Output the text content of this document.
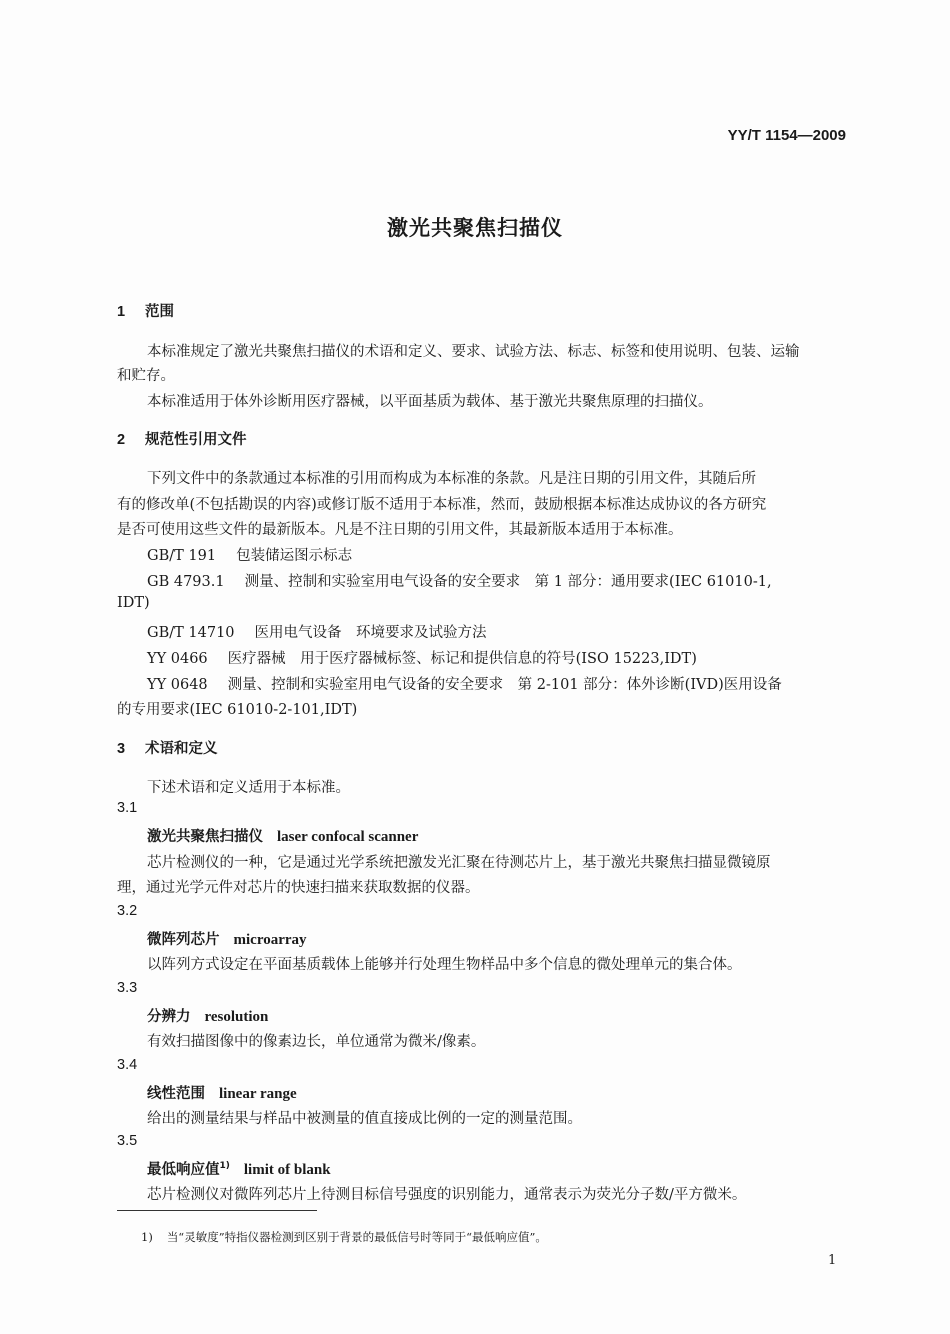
YY/T 1154—2009
激光共聚焦扫描仪
1 范围
本标准规定了激光共聚焦扫描仪的术语和定义、要求、试验方法、标志、标签和使用说明、包装、运输
和贮存。
本标准适用于体外诊断用医疗器械，以平面基质为载体、基于激光共聚焦原理的扫描仪。
2 规范性引用文件
下列文件中的条款通过本标准的引用而构成为本标准的条款。凡是注日期的引用文件，其随后所
有的修改单(不包括勘误的内容)或修订版不适用于本标准，然而，鼓励根据本标准达成协议的各方研究
是否可使用这些文件的最新版本。凡是不注日期的引用文件，其最新版本适用于本标准。
GB/T 191 包装储运图示标志
GB 4793.1 测量、控制和实验室用电气设备的安全要求　第 1 部分：通用要求(IEC 61010-1,
IDT)
GB/T 14710 医用电气设备　环境要求及试验方法
YY 0466 医疗器械　用于医疗器械标签、标记和提供信息的符号(ISO 15223,IDT)
YY 0648 测量、控制和实验室用电气设备的安全要求　第 2-101 部分：体外诊断(IVD)医用设备
的专用要求(IEC 61010-2-101,IDT)
3 术语和定义
下述术语和定义适用于本标准。
3.1
激光共聚焦扫描仪 laser confocal scanner
芯片检测仪的一种，它是通过光学系统把激发光汇聚在待测芯片上，基于激光共聚焦扫描显微镜原
理，通过光学元件对芯片的快速扫描来获取数据的仪器。
3.2
微阵列芯片 microarray
以阵列方式设定在平面基质载体上能够并行处理生物样品中多个信息的微处理单元的集合体。
3.3
分辨力 resolution
有效扫描图像中的像素边长，单位通常为微米/像素。
3.4
线性范围 linear range
给出的测量结果与样品中被测量的值直接成比例的一定的测量范围。
3.5
最低响应值$^{1)}$ limit of blank
芯片检测仪对微阵列芯片上待测目标信号强度的识别能力，通常表示为荧光分子数/平方微米。
1) 当“灵敏度”特指仪器检测到区别于背景的最低信号时等同于“最低响应值”。
1
